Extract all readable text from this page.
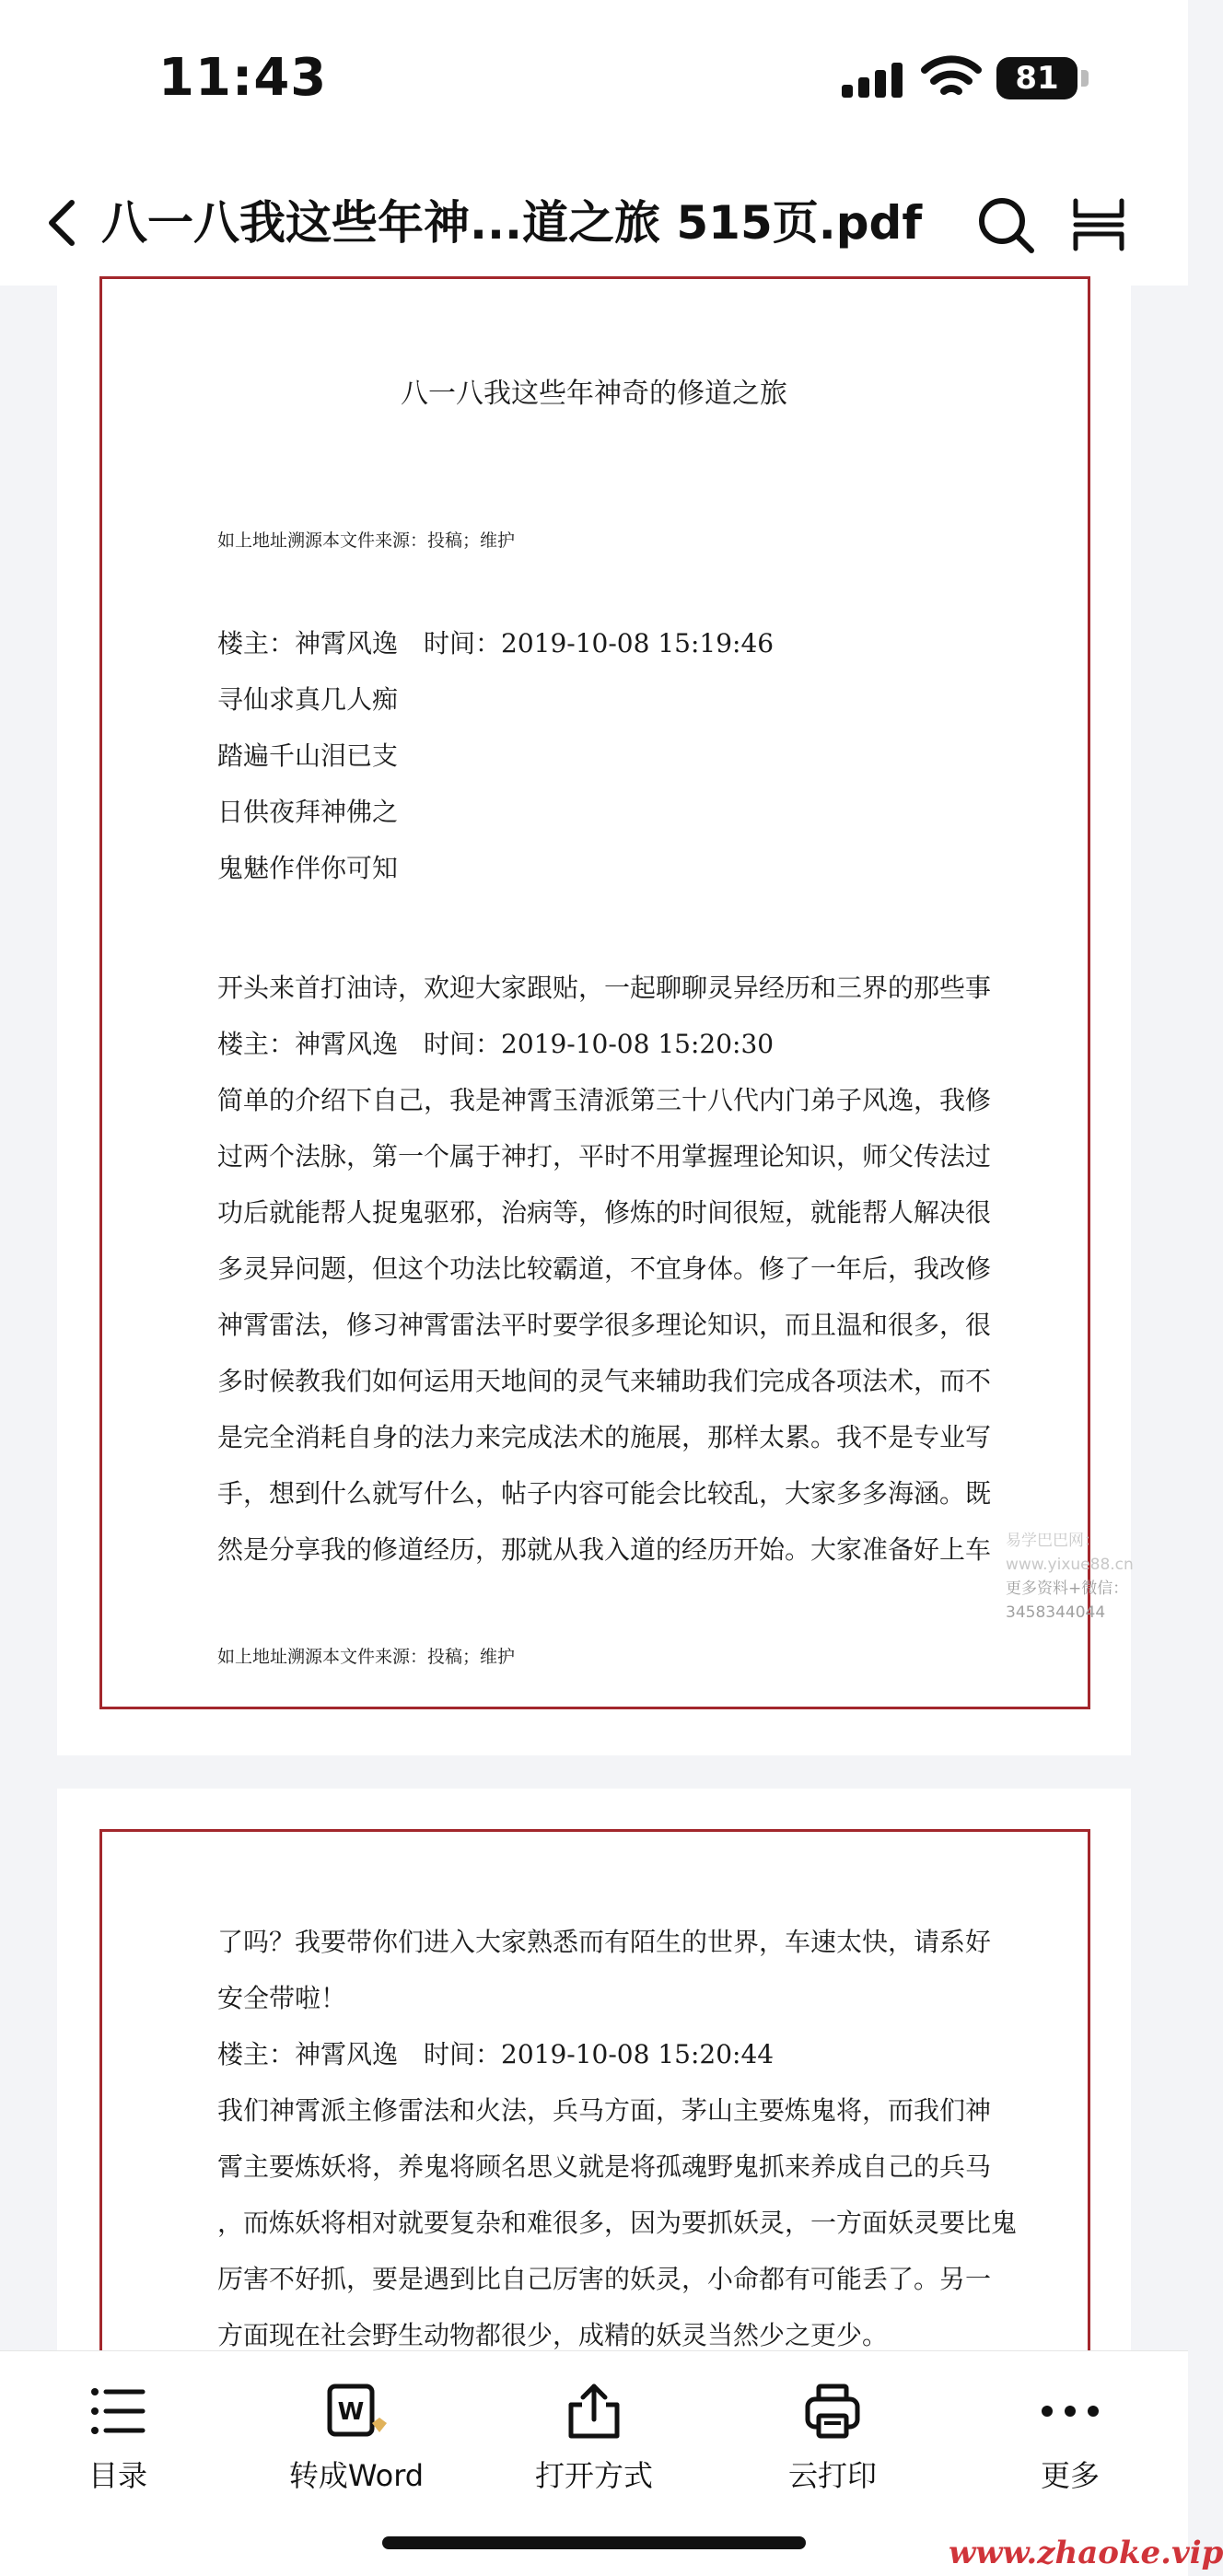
11:43	81
八一八我这些年神...道之旅 515页.pdf
八一八我这些年神奇的修道之旅
如上地址溯源本文件来源：投稿；维护
楼主：神霄风逸　时间：2019-10-08 15:19:46
寻仙求真几人痴
踏遍千山泪已支
日供夜拜神佛之
鬼魅作伴你可知
开头来首打油诗，欢迎大家跟贴，一起聊聊灵异经历和三界的那些事
楼主：神霄风逸　时间：2019-10-08 15:20:30
简单的介绍下自己，我是神霄玉清派第三十八代内门弟子风逸，我修
过两个法脉，第一个属于神打，平时不用掌握理论知识，师父传法过
功后就能帮人捉鬼驱邪，治病等，修炼的时间很短，就能帮人解决很
多灵异问题，但这个功法比较霸道，不宜身体。修了一年后，我改修
神霄雷法，修习神霄雷法平时要学很多理论知识，而且温和很多，很
多时候教我们如何运用天地间的灵气来辅助我们完成各项法术，而不
是完全消耗自身的法力来完成法术的施展，那样太累。我不是专业写
手，想到什么就写什么，帖子内容可能会比较乱，大家多多海涵。既
然是分享我的修道经历，那就从我入道的经历开始。大家准备好上车
如上地址溯源本文件来源：投稿；维护
易学巴巴网：www.yixue88.cn
更多资料+微信：3458344044
了吗？我要带你们进入大家熟悉而有陌生的世界，车速太快，请系好
安全带啦！
楼主：神霄风逸　时间：2019-10-08 15:20:44
我们神霄派主修雷法和火法，兵马方面，茅山主要炼鬼将，而我们神
霄主要炼妖将，养鬼将顾名思义就是将孤魂野鬼抓来养成自己的兵马
，而炼妖将相对就要复杂和难很多，因为要抓妖灵，一方面妖灵要比鬼
厉害不好抓，要是遇到比自己厉害的妖灵，小命都有可能丢了。另一
方面现在社会野生动物都很少，成精的妖灵当然少之更少。
目录
W
转成Word	打开方式	云打印	更多
www.zhaoke.vip
